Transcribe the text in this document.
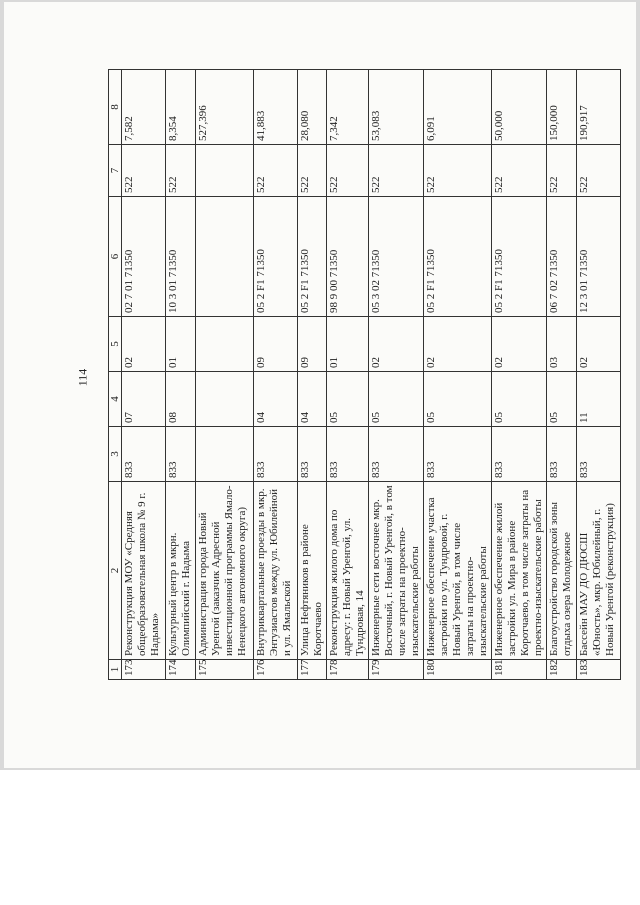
114
1	2	3	4	5	6	7	8
173	Реконструкция МОУ «Средняя общеобразовательная школа № 9 г. Надыма»	833	07	02	02 7 01 71350	522	7,582
174	Культурный центр в мкрн. Олимпийский г. Надыма	833	08	01	10 3 01 71350	522	8,354
175	Администрация города Новый Уренгой (заказчик Адресной инвестиционной программы Ямало-Ненецкого автономного округа)						527,396
176	Внутриквартальные проезды в мкр. Энтузиастов между ул. Юбилейной и ул. Ямальской	833	04	09	05 2 F1 71350	522	41,883
177	Улица Нефтяников в районе Коротчаево	833	04	09	05 2 F1 71350	522	28,080
178	Реконструкция жилого дома по адресу: г. Новый Уренгой, ул. Тундровая, 14	833	05	01	98 9 00 71350	522	7,342
179	Инженерные сети восточнее мкр. Восточный, г. Новый Уренгой, в том числе затраты на проектно-изыскательские работы	833	05	02	05 3 02 71350	522	53,083
180	Инженерное обеспечение участка застройки по ул. Тундровой, г. Новый Уренгой, в том числе затраты на проектно-изыскательские работы	833	05	02	05 2 F1 71350	522	6,091
181	Инженерное обеспечение жилой застройки ул. Мира в районе Коротчаево, в том числе затраты на проектно-изыскательские работы	833	05	02	05 2 F1 71350	522	50,000
182	Благоустройство городской зоны отдыха озера Молодежное	833	05	03	06 7 02 71350	522	150,000
183	Бассейн МАУ ДО ДЮСШ «Юность», мкр. Юбилейный, г. Новый Уренгой (реконструкция)	833	11	02	12 3 01 71350	522	190,917
